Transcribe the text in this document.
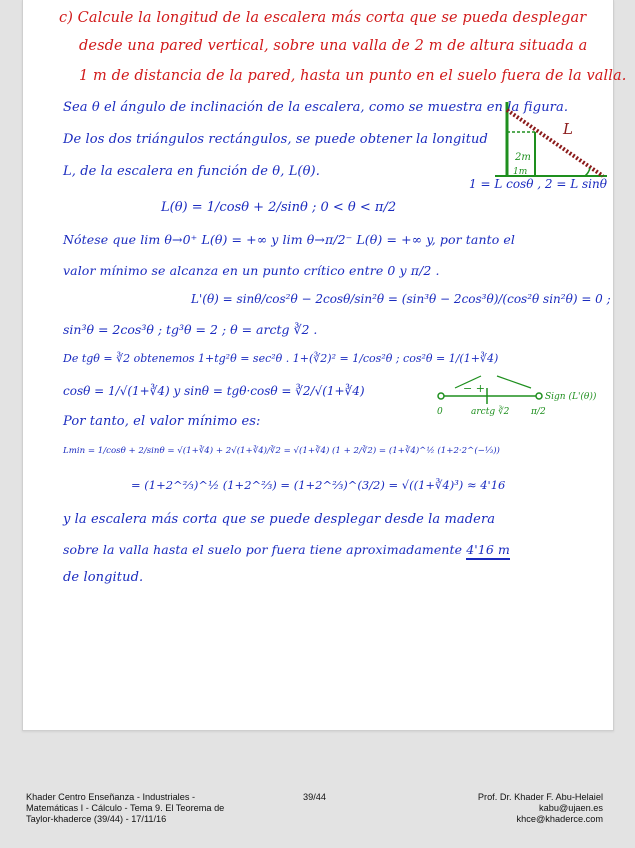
c) Calcule la longitud de la escalera más corta que se pueda desplegar
desde una pared vertical, sobre una valla de 2 m de altura situada a
1 m de distancia de la pared, hasta un punto en el suelo fuera de la valla.
Sea θ el ángulo de inclinación de la escalera, como se muestra en la figura.
De los dos triángulos rectángulos, se puede obtener la longitud
L, de la escalera en función de θ, L(θ).
L
2m
1m
1 = L cosθ , 2 = L sinθ
L(θ) = 1/cosθ + 2/sinθ ; 0 < θ < π/2
Nótese que lim θ→0⁺ L(θ) = +∞ y lim θ→π/2⁻ L(θ) = +∞ y, por tanto el
valor mínimo se alcanza en un punto crítico entre 0 y π/2 .
L'(θ) = sinθ/cos²θ − 2cosθ/sin²θ = (sin³θ − 2cos³θ)/(cos²θ sin²θ) = 0 ;
sin³θ = 2cos³θ ; tg³θ = 2 ; θ = arctg ∛2 .
De tgθ = ∛2 obtenemos 1+tg²θ = sec²θ . 1+(∛2)² = 1/cos²θ ; cos²θ = 1/(1+∛4)
cosθ = 1/√(1+∛4) y sinθ = tgθ·cosθ = ∛2/√(1+∛4)	− +
0	arctg ∛2 π/2
Sign (L'(θ))
Por tanto, el valor mínimo es:
Lmin = 1/cosθ + 2/sinθ = √(1+∛4) + 2√(1+∛4)/∛2 = √(1+∛4) (1 + 2/∛2) = (1+∛4)^½ (1+2·2^(−⅓))
= (1+2^⅔)^½ (1+2^⅔) = (1+2^⅔)^(3/2) = √((1+∛4)³) ≈ 4'16
y la escalera más corta que se puede desplegar desde la madera
sobre la valla hasta el suelo por fuera tiene aproximadamente 4'16 m
de longitud.
Khader Centro Enseñanza - Industriales -
Matemáticas I - Cálculo - Tema 9. El Teorema de
Taylor-khaderce (39/44) - 17/11/16
39/44	Prof. Dr. Khader F. Abu-Helaiel
kabu@ujaen.es
khce@khaderce.com
